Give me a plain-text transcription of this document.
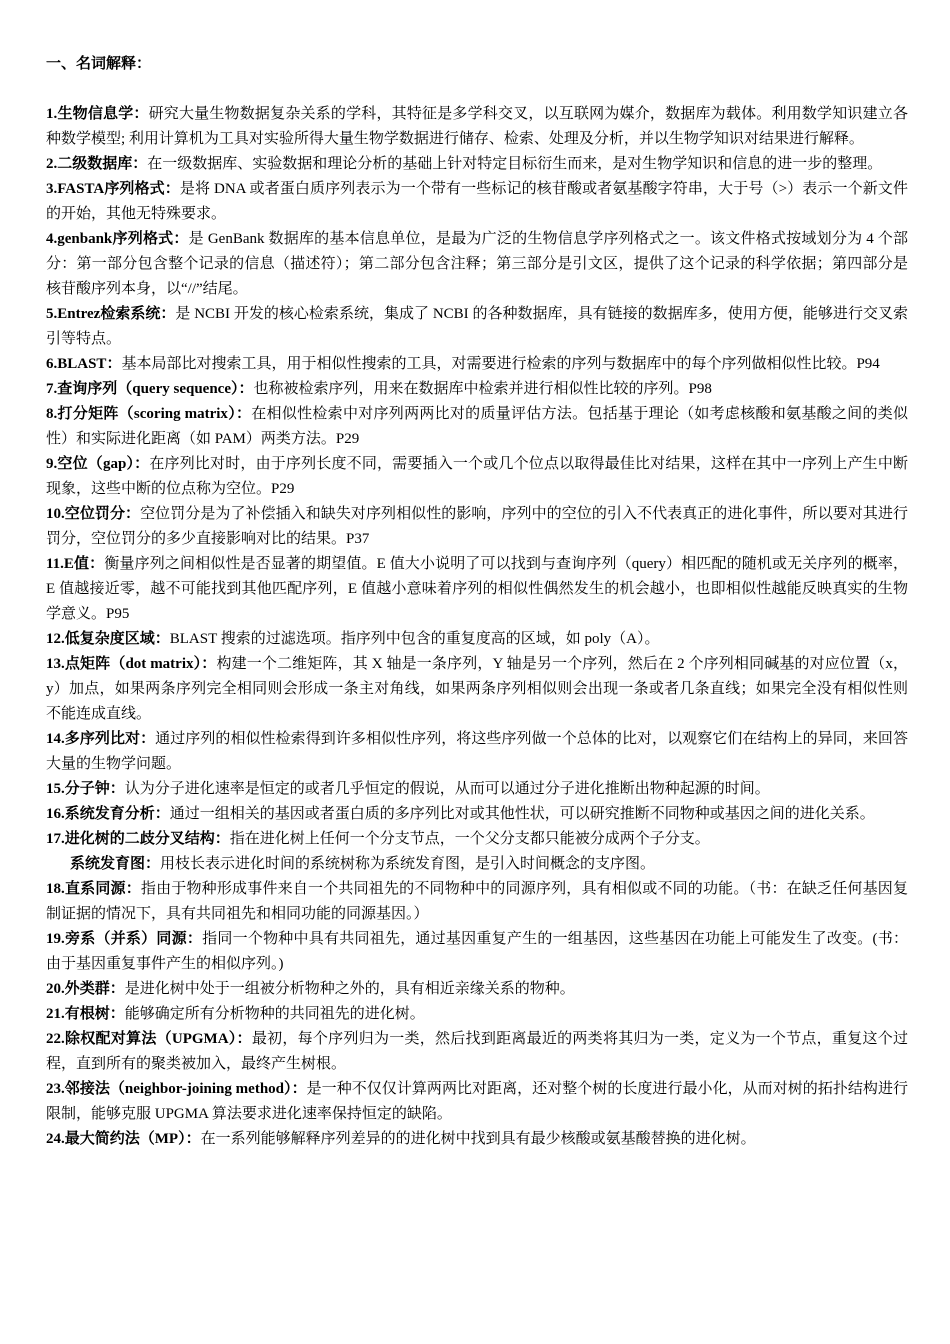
一、名词解释：

1.生物信息学：研究大量生物数据复杂关系的学科，其特征是多学科交叉，以互联网为媒介，数据库为载体。利用数学知识建立各种数学模型; 利用计算机为工具对实验所得大量生物学数据进行储存、检索、处理及分析，并以生物学知识对结果进行解释。

2.二级数据库：在一级数据库、实验数据和理论分析的基础上针对特定目标衍生而来，是对生物学知识和信息的进一步的整理。

3.FASTA序列格式：是将 DNA 或者蛋白质序列表示为一个带有一些标记的核苷酸或者氨基酸字符串，大于号（>）表示一个新文件的开始，其他无特殊要求。

4.genbank序列格式：是 GenBank 数据库的基本信息单位，是最为广泛的生物信息学序列格式之一。该文件格式按域划分为 4 个部分：第一部分包含整个记录的信息（描述符）；第二部分包含注释；第三部分是引文区，提供了这个记录的科学依据；第四部分是核苷酸序列本身，以“//”结尾。

5.Entrez检索系统：是 NCBI 开发的核心检索系统，集成了 NCBI 的各种数据库，具有链接的数据库多，使用方便，能够进行交叉索引等特点。

6.BLAST：基本局部比对搜索工具，用于相似性搜索的工具，对需要进行检索的序列与数据库中的每个序列做相似性比较。P94

7.查询序列（query sequence）：也称被检索序列，用来在数据库中检索并进行相似性比较的序列。P98

8.打分矩阵（scoring matrix）：在相似性检索中对序列两两比对的质量评估方法。包括基于理论（如考虑核酸和氨基酸之间的类似性）和实际进化距离（如 PAM）两类方法。P29

9.空位（gap）：在序列比对时，由于序列长度不同，需要插入一个或几个位点以取得最佳比对结果，这样在其中一序列上产生中断现象，这些中断的位点称为空位。P29

10.空位罚分：空位罚分是为了补偿插入和缺失对序列相似性的影响，序列中的空位的引入不代表真正的进化事件，所以要对其进行罚分，空位罚分的多少直接影响对比的结果。P37

11.E值：衡量序列之间相似性是否显著的期望值。E 值大小说明了可以找到与查询序列（query）相匹配的随机或无关序列的概率，E 值越接近零，越不可能找到其他匹配序列，E 值越小意味着序列的相似性偶然发生的机会越小，也即相似性越能反映真实的生物学意义。P95

12.低复杂度区域：BLAST 搜索的过滤选项。指序列中包含的重复度高的区域，如 poly（A）。

13.点矩阵（dot matrix）：构建一个二维矩阵，其 X 轴是一条序列，Y 轴是另一个序列，然后在 2 个序列相同碱基的对应位置（x，y）加点，如果两条序列完全相同则会形成一条主对角线，如果两条序列相似则会出现一条或者几条直线；如果完全没有相似性则不能连成直线。

14.多序列比对：通过序列的相似性检索得到许多相似性序列，将这些序列做一个总体的比对，以观察它们在结构上的异同，来回答大量的生物学问题。

15.分子钟：认为分子进化速率是恒定的或者几乎恒定的假说，从而可以通过分子进化推断出物种起源的时间。

16.系统发育分析：通过一组相关的基因或者蛋白质的多序列比对或其他性状，可以研究推断不同物种或基因之间的进化关系。

17.进化树的二歧分叉结构：指在进化树上任何一个分支节点，一个父分支都只能被分成两个子分支。

系统发育图：用枝长表示进化时间的系统树称为系统发育图，是引入时间概念的支序图。

18.直系同源：指由于物种形成事件来自一个共同祖先的不同物种中的同源序列，具有相似或不同的功能。（书：在缺乏任何基因复制证据的情况下，具有共同祖先和相同功能的同源基因。）

19.旁系（并系）同源：指同一个物种中具有共同祖先，通过基因重复产生的一组基因，这些基因在功能上可能发生了改变。(书：由于基因重复事件产生的相似序列。)

20.外类群：是进化树中处于一组被分析物种之外的，具有相近亲缘关系的物种。

21.有根树：能够确定所有分析物种的共同祖先的进化树。

22.除权配对算法（UPGMA）：最初，每个序列归为一类，然后找到距离最近的两类将其归为一类，定义为一个节点，重复这个过程，直到所有的聚类被加入，最终产生树根。

23.邻接法（neighbor-joining method）：是一种不仅仅计算两两比对距离，还对整个树的长度进行最小化，从而对树的拓扑结构进行限制，能够克服 UPGMA 算法要求进化速率保持恒定的缺陷。

24.最大简约法（MP）：在一系列能够解释序列差异的的进化树中找到具有最少核酸或氨基酸替换的进化树。
